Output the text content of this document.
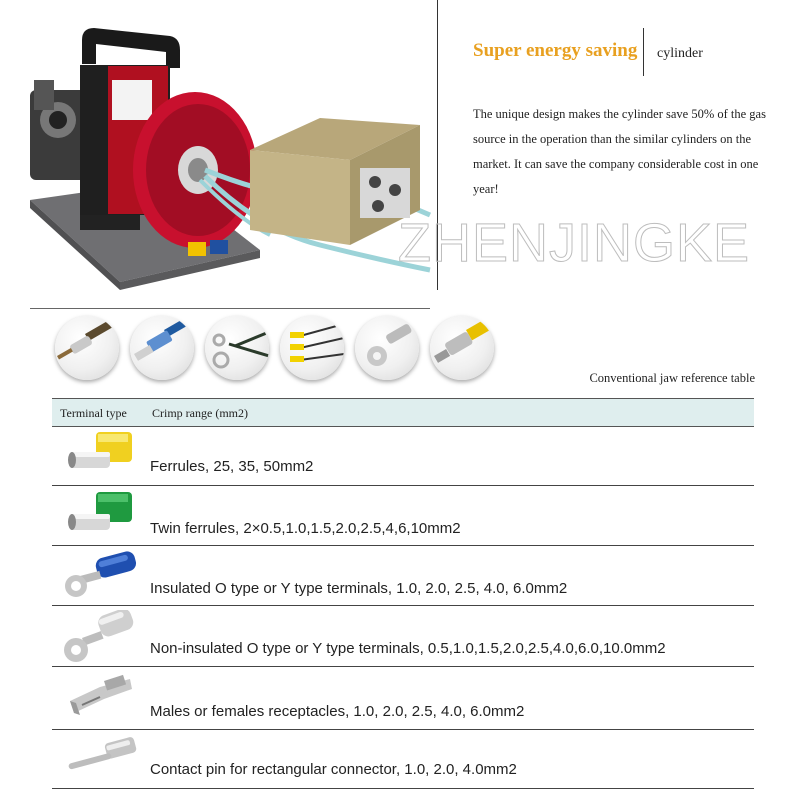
Super energy saving cylinder
The unique design makes the cylinder save 50% of the gas source in the operation than the similar cylinders on the market. It can save the company considerable cost in one year!
ZHENJINGKE
Conventional jaw reference table
Terminal type Crimp range (mm2)
Ferrules, 25, 35, 50mm2
Twin ferrules, 2×0.5,1.0,1.5,2.0,2.5,4,6,10mm2
Insulated O type or Y type terminals, 1.0, 2.0, 2.5, 4.0, 6.0mm2
Non-insulated O type or Y type terminals, 0.5,1.0,1.5,2.0,2.5,4.0,6.0,10.0mm2
Males or females receptacles, 1.0, 2.0, 2.5, 4.0, 6.0mm2
Contact pin for rectangular connector, 1.0, 2.0, 4.0mm2
